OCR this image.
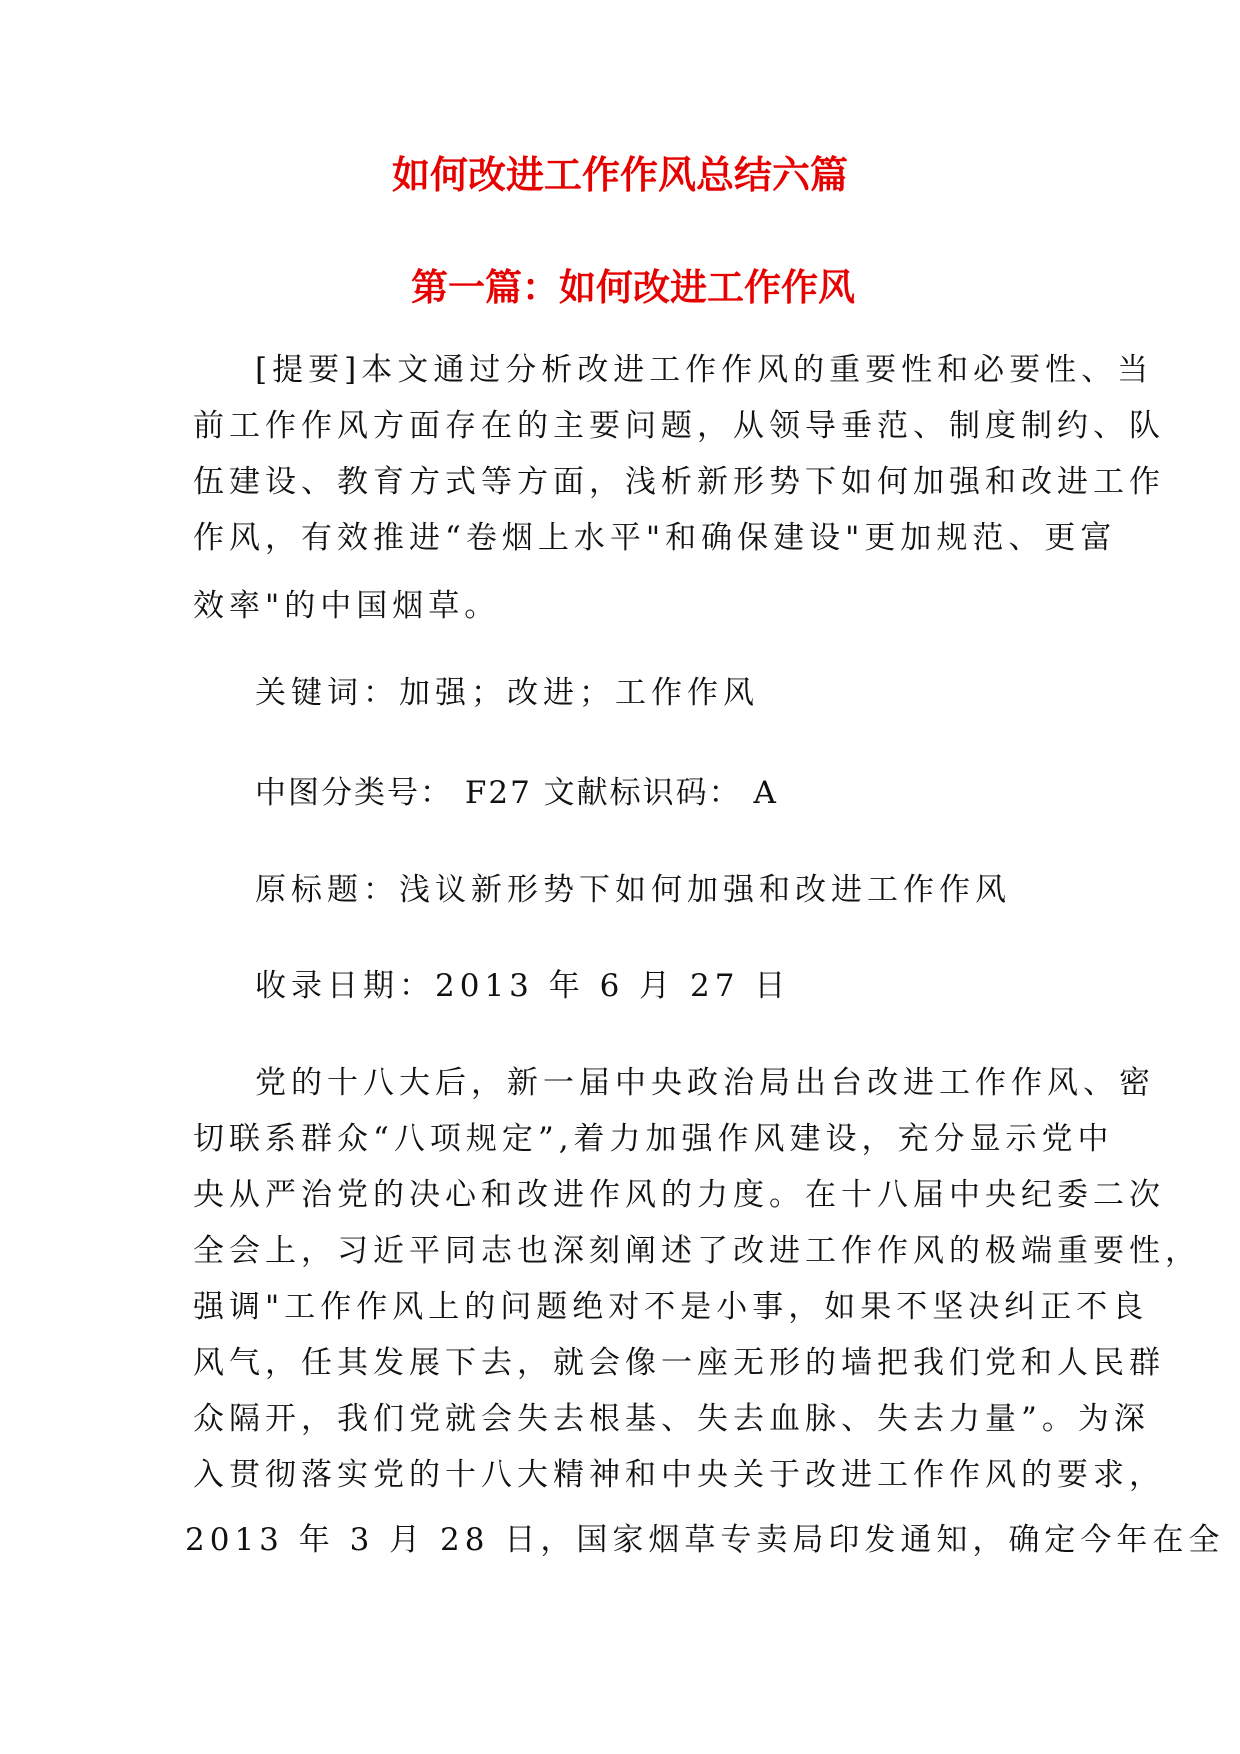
如何改进工作作风总结六篇
第一篇：如何改进工作作风
[提要]本文通过分析改进工作作风的重要性和必要性、当
前工作作风方面存在的主要问题，从领导垂范、制度制约、队
伍建设、教育方式等方面，浅析新形势下如何加强和改进工作
作风，有效推进“卷烟上水平"和确保建设"更加规范、更富
效率"的中国烟草。
关键词：加强；改进；工作作风
中图分类号： F27 文献标识码： A
原标题：浅议新形势下如何加强和改进工作作风
收录日期：2013 年 6 月 27 日
党的十八大后，新一届中央政治局出台改进工作作风、密
切联系群众“八项规定”,着力加强作风建设，充分显示党中
央从严治党的决心和改进作风的力度。在十八届中央纪委二次
全会上，习近平同志也深刻阐述了改进工作作风的极端重要性，
强调"工作作风上的问题绝对不是小事，如果不坚决纠正不良
风气，任其发展下去，就会像一座无形的墙把我们党和人民群
众隔开，我们党就会失去根基、失去血脉、失去力量”。为深
入贯彻落实党的十八大精神和中央关于改进工作作风的要求，
2013 年 3 月 28 日，国家烟草专卖局印发通知，确定今年在全
